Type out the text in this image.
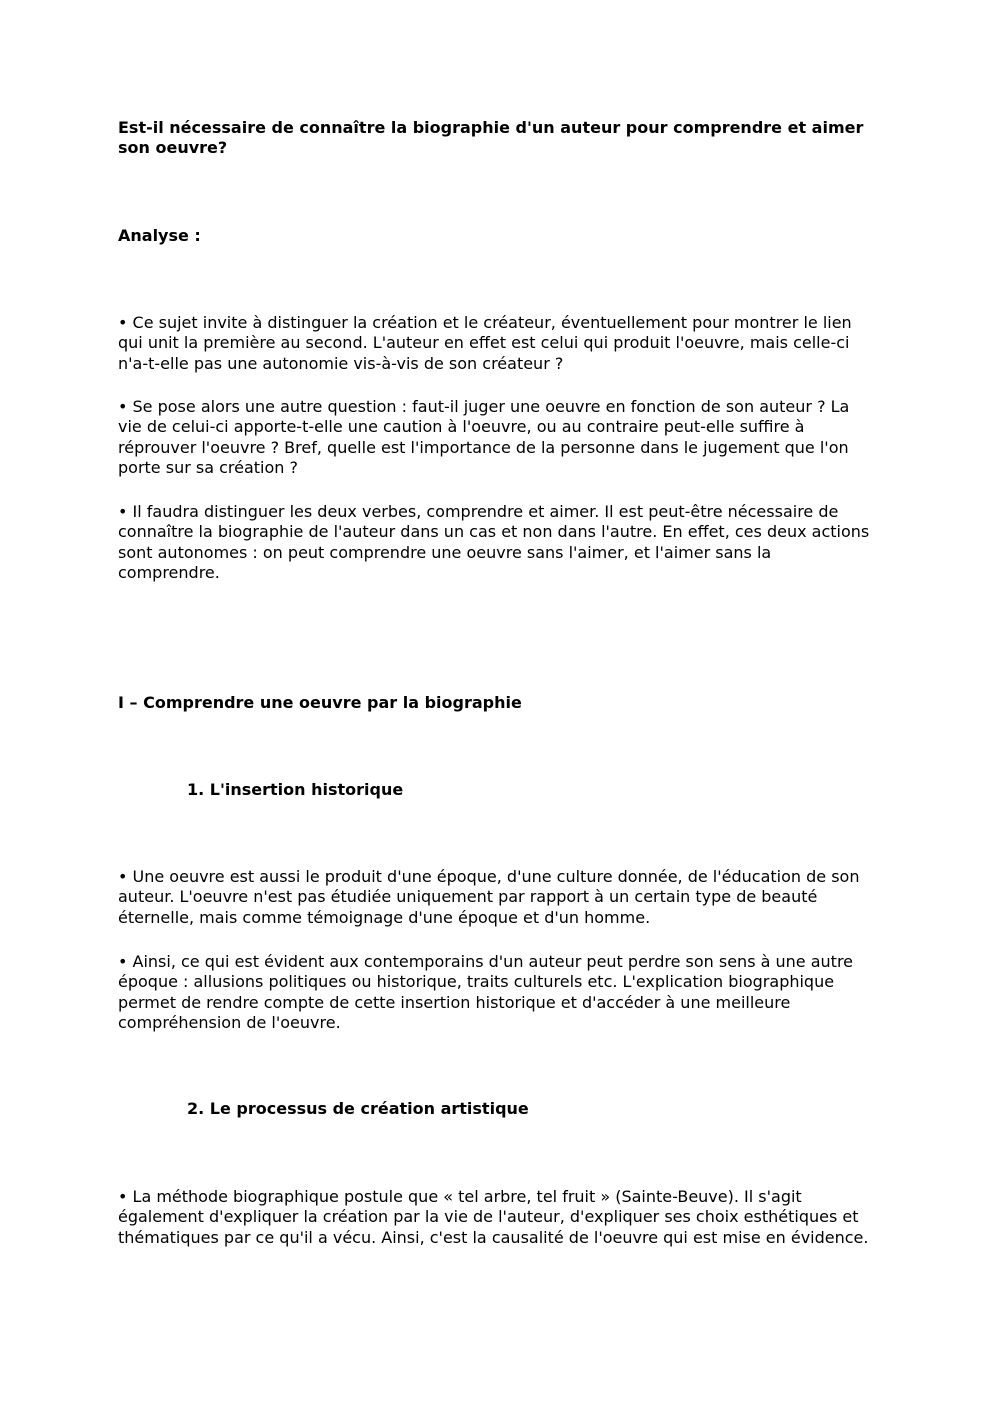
Est-il nécessaire de connaître la biographie d'un auteur pour comprendre et aimer son oeuvre?

Analyse :

• Ce sujet invite à distinguer la création et le créateur, éventuellement pour montrer le lien qui unit la première au second. L'auteur en effet est celui qui produit l'oeuvre, mais celle-ci n'a-t-elle pas une autonomie vis-à-vis de son créateur ?

• Se pose alors une autre question : faut-il juger une oeuvre en fonction de son auteur ? La vie de celui-ci apporte-t-elle une caution à l'oeuvre, ou au contraire peut-elle suffire à réprouver l'oeuvre ? Bref, quelle est l'importance de la personne dans le jugement que l'on porte sur sa création ?

• Il faudra distinguer les deux verbes, comprendre et aimer. Il est peut-être nécessaire de connaître la biographie de l'auteur dans un cas et non dans l'autre. En effet, ces deux actions sont autonomes : on peut comprendre une oeuvre sans l'aimer, et l'aimer sans la comprendre.

I – Comprendre une oeuvre par la biographie

1. L'insertion historique

• Une oeuvre est aussi le produit d'une époque, d'une culture donnée, de l'éducation de son auteur. L'oeuvre n'est pas étudiée uniquement par rapport à un certain type de beauté éternelle, mais comme témoignage d'une époque et d'un homme.

• Ainsi, ce qui est évident aux contemporains d'un auteur peut perdre son sens à une autre époque : allusions politiques ou historique, traits culturels etc. L'explication biographique permet de rendre compte de cette insertion historique et d'accéder à une meilleure compréhension de l'oeuvre.

2. Le processus de création artistique

• La méthode biographique postule que « tel arbre, tel fruit » (Sainte-Beuve). Il s'agit également d'expliquer la création par la vie de l'auteur, d'expliquer ses choix esthétiques et thématiques par ce qu'il a vécu. Ainsi, c'est la causalité de l'oeuvre qui est mise en évidence.
